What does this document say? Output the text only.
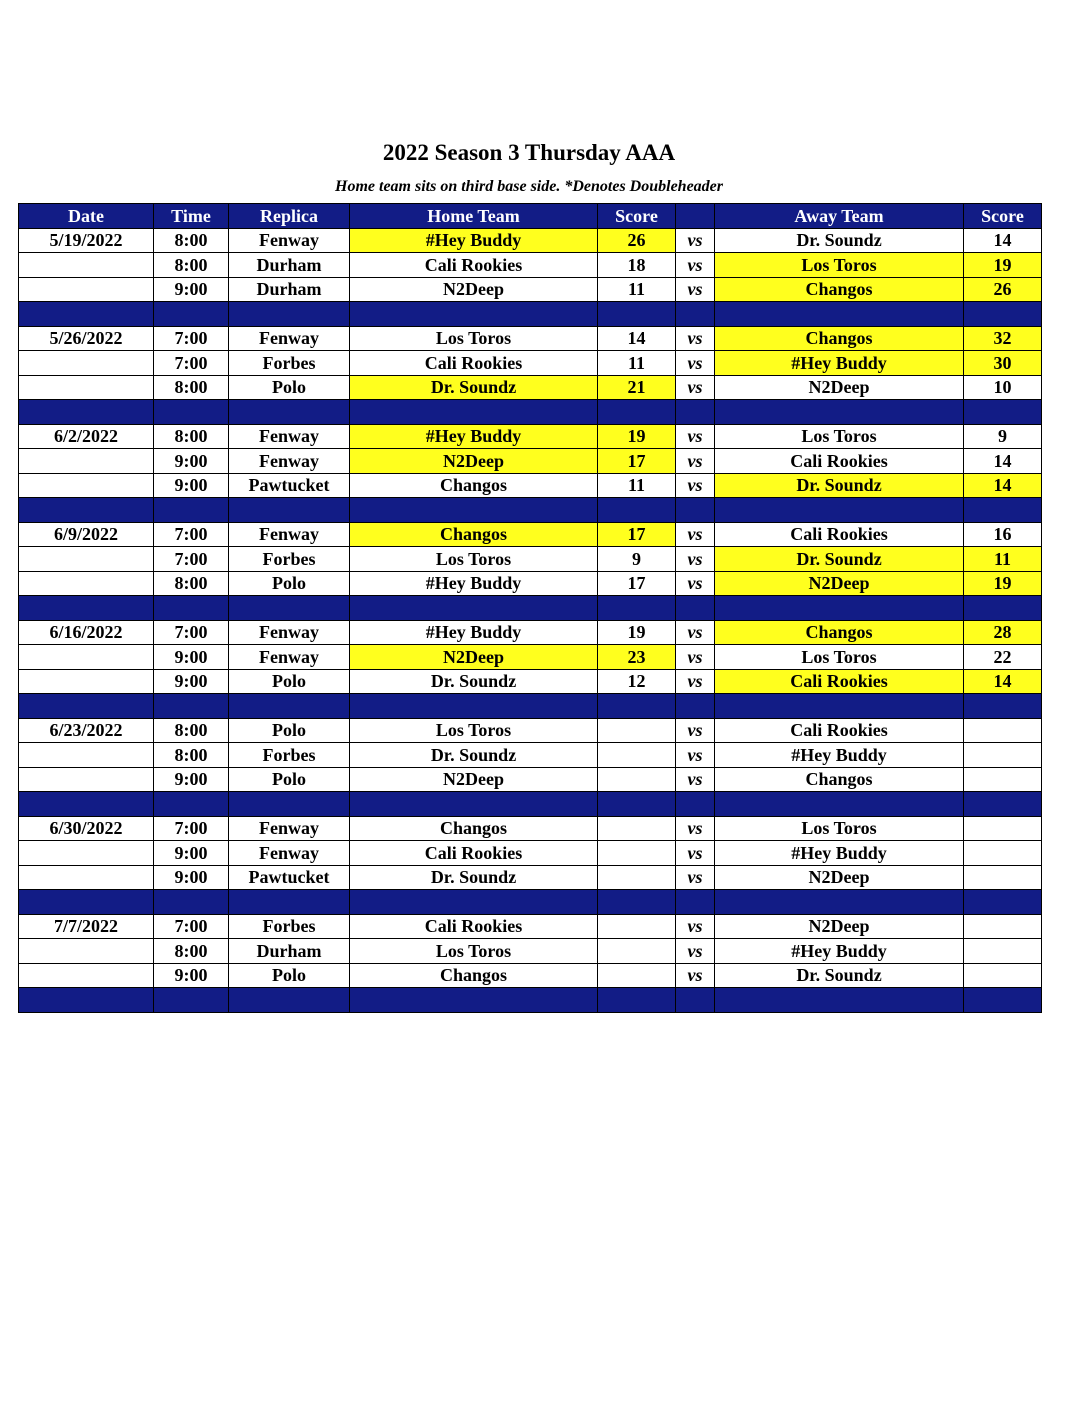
2022 Season 3 Thursday AAA
Home team sits on third base side. *Denotes Doubleheader
Date	Time	Replica	Home Team	Score		Away Team	Score
5/19/2022	8:00	Fenway	#Hey Buddy	26	vs	Dr. Soundz	14
	8:00	Durham	Cali Rookies	18	vs	Los Toros	19
	9:00	Durham	N2Deep	11	vs	Changos	26

5/26/2022	7:00	Fenway	Los Toros	14	vs	Changos	32
	7:00	Forbes	Cali Rookies	11	vs	#Hey Buddy	30
	8:00	Polo	Dr. Soundz	21	vs	N2Deep	10

6/2/2022	8:00	Fenway	#Hey Buddy	19	vs	Los Toros	9
	9:00	Fenway	N2Deep	17	vs	Cali Rookies	14
	9:00	Pawtucket	Changos	11	vs	Dr. Soundz	14

6/9/2022	7:00	Fenway	Changos	17	vs	Cali Rookies	16
	7:00	Forbes	Los Toros	9	vs	Dr. Soundz	11
	8:00	Polo	#Hey Buddy	17	vs	N2Deep	19

6/16/2022	7:00	Fenway	#Hey Buddy	19	vs	Changos	28
	9:00	Fenway	N2Deep	23	vs	Los Toros	22
	9:00	Polo	Dr. Soundz	12	vs	Cali Rookies	14

6/23/2022	8:00	Polo	Los Toros		vs	Cali Rookies	
	8:00	Forbes	Dr. Soundz		vs	#Hey Buddy	
	9:00	Polo	N2Deep		vs	Changos	

6/30/2022	7:00	Fenway	Changos		vs	Los Toros	
	9:00	Fenway	Cali Rookies		vs	#Hey Buddy	
	9:00	Pawtucket	Dr. Soundz		vs	N2Deep	

7/7/2022	7:00	Forbes	Cali Rookies		vs	N2Deep	
	8:00	Durham	Los Toros		vs	#Hey Buddy	
	9:00	Polo	Changos		vs	Dr. Soundz	
